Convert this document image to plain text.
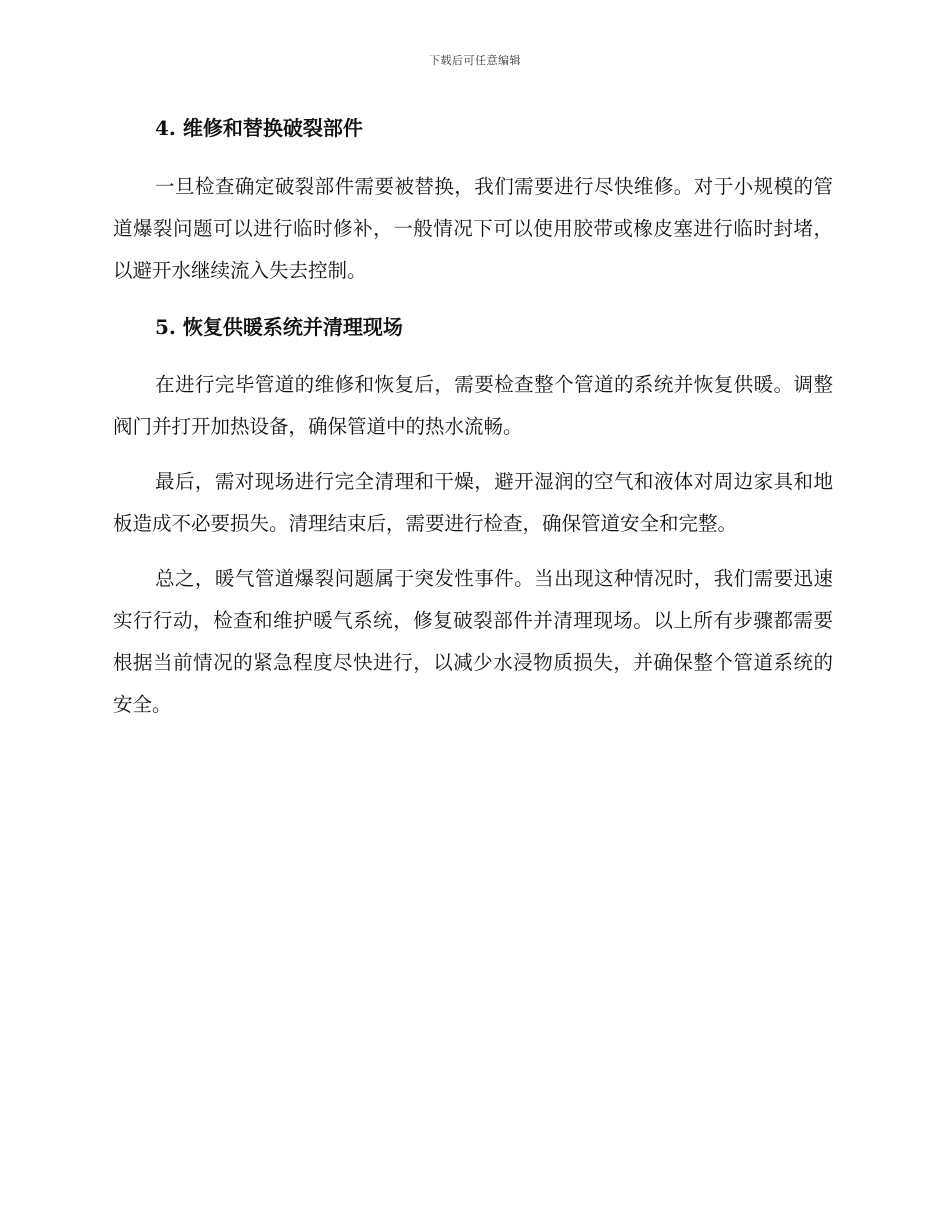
下载后可任意编辑
4. 维修和替换破裂部件

一旦检查确定破裂部件需要被替换，我们需要进行尽快维修。对于小规模的管道爆裂问题可以进行临时修补，一般情况下可以使用胶带或橡皮塞进行临时封堵，以避开水继续流入失去控制。

5. 恢复供暖系统并清理现场

在进行完毕管道的维修和恢复后，需要检查整个管道的系统并恢复供暖。调整阀门并打开加热设备，确保管道中的热水流畅。

最后，需对现场进行完全清理和干燥，避开湿润的空气和液体对周边家具和地板造成不必要损失。清理结束后，需要进行检查，确保管道安全和完整。

总之，暖气管道爆裂问题属于突发性事件。当出现这种情况时，我们需要迅速实行行动，检查和维护暖气系统，修复破裂部件并清理现场。以上所有步骤都需要根据当前情况的紧急程度尽快进行，以减少水浸物质损失，并确保整个管道系统的安全。
